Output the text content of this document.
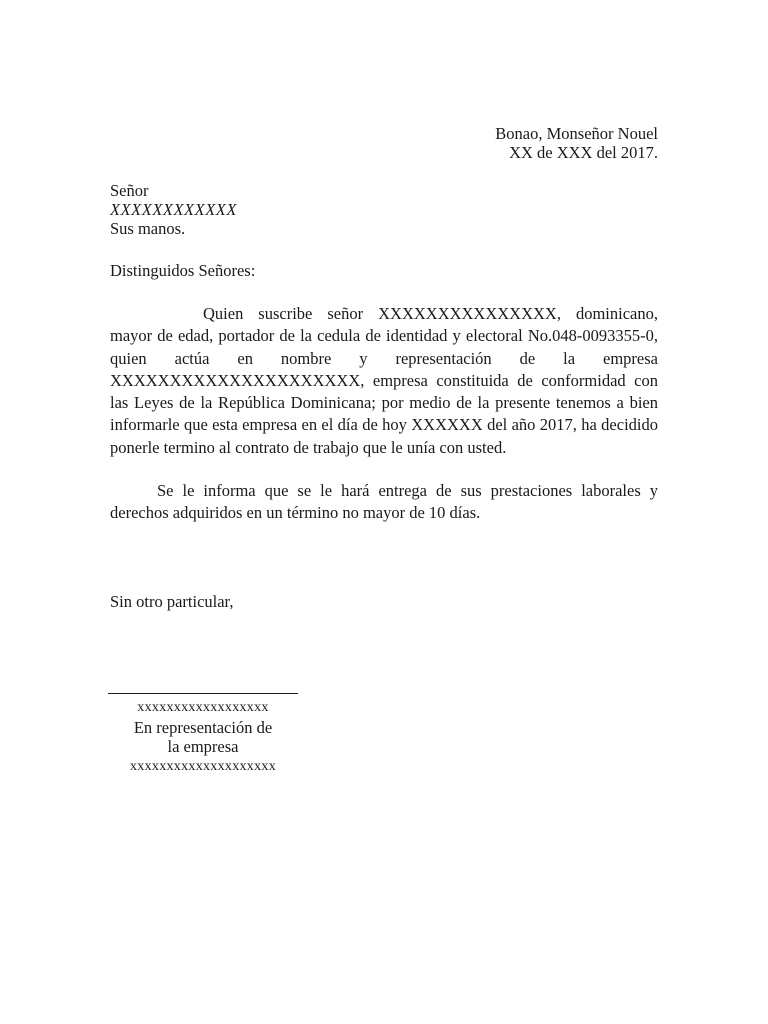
Bonao, Monseñor Nouel
XX de XXX del 2017.
Señor
XXXXXXXXXXXX
Sus manos.
Distinguidos Señores:

Quien suscribe señor XXXXXXXXXXXXXXX, dominicano, mayor de edad, portador de la cedula de identidad y electoral No.048-0093355-0, quien actúa en nombre y representación de la empresa XXXXXXXXXXXXXXXXXXXXX, empresa constituida de conformidad con las Leyes de la República Dominicana; por medio de la presente tenemos a bien informarle que esta empresa en el día de hoy XXXXXX del año 2017, ha decidido ponerle termino al contrato de trabajo que le unía con usted.

Se le informa que se le hará entrega de sus prestaciones laborales y derechos adquiridos en un término no mayor de 10 días.

Sin otro particular,
xxxxxxxxxxxxxxxxxx
En representación de
la empresa
xxxxxxxxxxxxxxxxxxxx
